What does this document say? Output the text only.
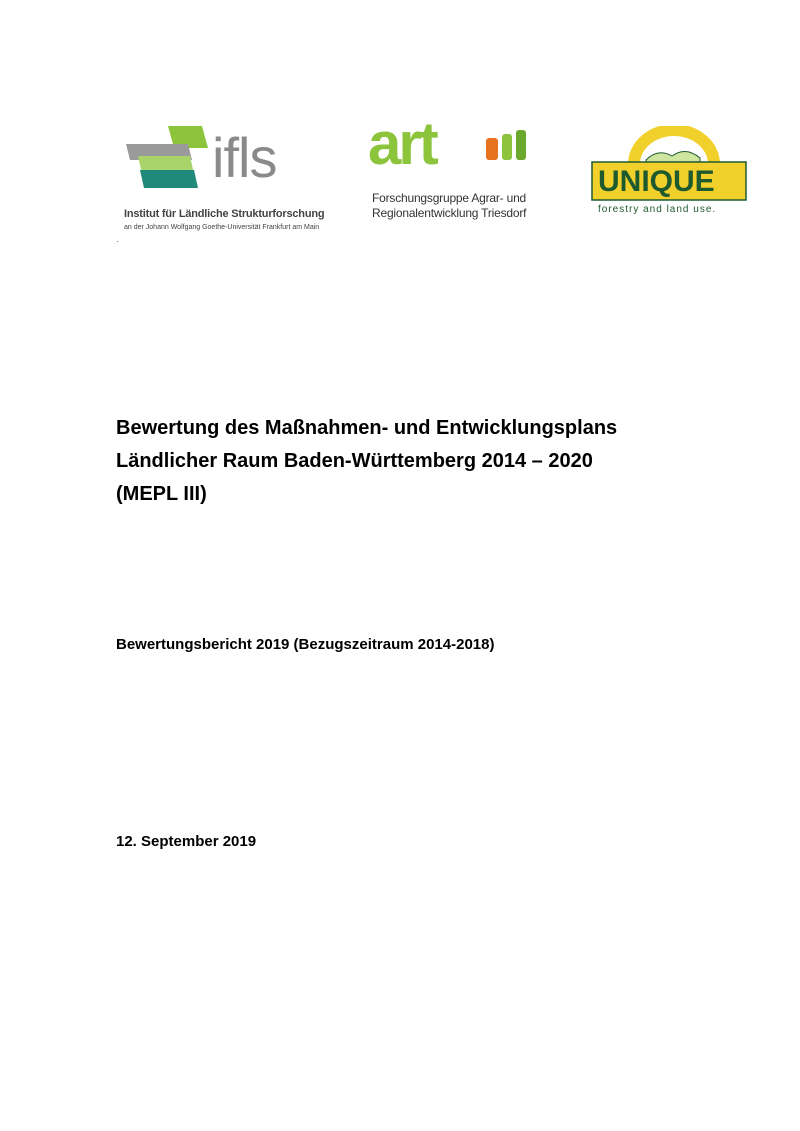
ifls
Institut für Ländliche Strukturforschung
an der Johann Wolfgang Goethe-Universität Frankfurt am Main
·
art
Forschungsgruppe Agrar- und
Regionalentwicklung Triesdorf
UNIQUE
forestry and land use.
Bewertung des Maßnahmen- und Entwicklungsplans
Ländlicher Raum Baden-Württemberg 2014 – 2020
(MEPL III)
Bewertungsbericht 2019 (Bezugszeitraum 2014-2018)
12. September 2019
